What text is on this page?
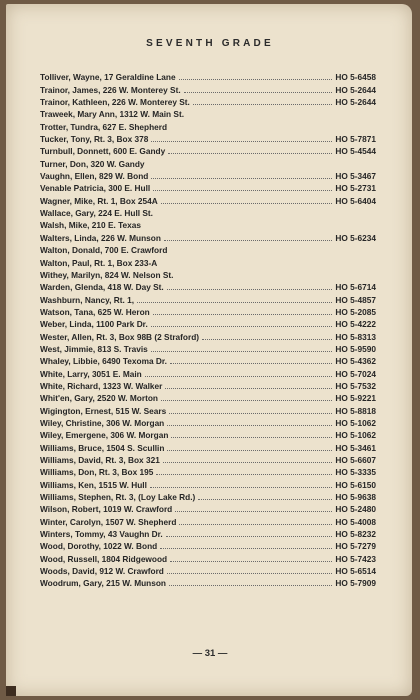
SEVENTH GRADE
Tolliver, Wayne, 17 Geraldine Lane	HO 5-6458
Trainor, James, 226 W. Monterey St.	HO 5-2644
Trainor, Kathleen, 226 W. Monterey St.	HO 5-2644
Traweek, Mary Ann, 1312 W. Main St.
Trotter, Tundra, 627 E. Shepherd
Tucker, Tony, Rt. 3, Box 378	HO 5-7871
Turnbull, Donnett, 600 E. Gandy	HO 5-4544
Turner, Don, 320 W. Gandy
Vaughn, Ellen, 829 W. Bond	HO 5-3467
Venable Patricia, 300 E. Hull	HO 5-2731
Wagner, Mike, Rt. 1, Box 254A	HO 5-6404
Wallace, Gary, 224 E. Hull St.
Walsh, Mike, 210 E. Texas
Walters, Linda, 226 W. Munson	HO 5-6234
Walton, Donald, 700 E. Crawford
Walton, Paul, Rt. 1, Box 233-A
Withey, Marilyn, 824 W. Nelson St.
Warden, Glenda, 418 W. Day St.	HO 5-6714
Washburn, Nancy, Rt. 1,	HO 5-4857
Watson, Tana, 625 W. Heron	HO 5-2085
Weber, Linda, 1100 Park Dr.	HO 5-4222
Wester, Allen, Rt. 3, Box 98B (2 Straford)	HO 5-8313
West, Jimmie, 813 S. Travis	HO 5-9590
Whaley, Libbie, 6490 Texoma Dr.	HO 5-4362
White, Larry, 3051 E. Main	HO 5-7024
White, Richard, 1323 W. Walker	HO 5-7532
Whit'en, Gary, 2520 W. Morton	HO 5-9221
Wigington, Ernest, 515 W. Sears	HO 5-8818
Wiley, Christine, 306 W. Morgan	HO 5-1062
Wiley, Emergene, 306 W. Morgan	HO 5-1062
Williams, Bruce, 1504 S. Scullin	HO 5-3461
Williams, David, Rt. 3, Box 321	HO 5-6607
Williams, Don, Rt. 3, Box 195	HO 5-3335
Williams, Ken, 1515 W. Hull	HO 5-6150
Williams, Stephen, Rt. 3, (Loy Lake Rd.)	HO 5-9638
Wilson, Robert, 1019 W. Crawford	HO 5-2480
Winter, Carolyn, 1507 W. Shepherd	HO 5-4008
Winters, Tommy, 43 Vaughn Dr.	HO 5-8232
Wood, Dorothy, 1022 W. Bond	HO 5-7279
Wood, Russell, 1804 Ridgewood	HO 5-7423
Woods, David, 912 W. Crawford	HO 5-6514
Woodrum, Gary, 215 W. Munson	HO 5-7909
— 31 —
